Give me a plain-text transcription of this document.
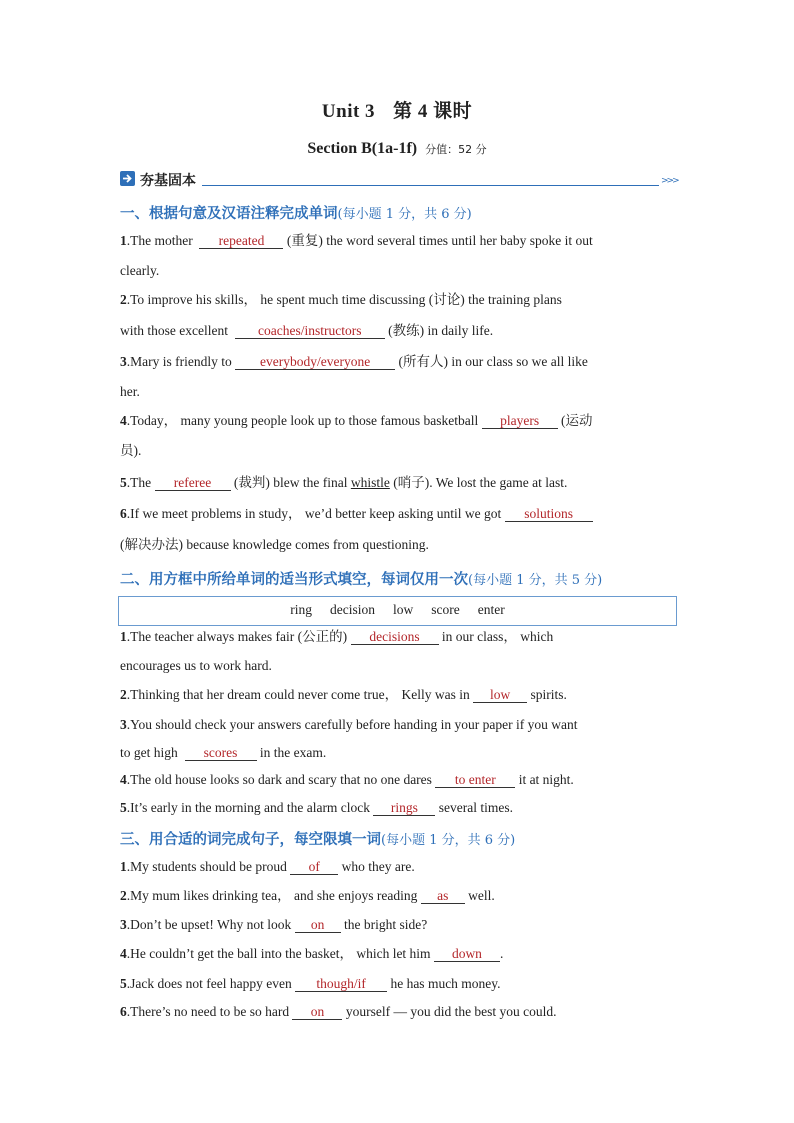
Unit 3 第 4 课时
Section B(1a-1f) 分值：52 分
夯基固本	>>>
一、根据句意及汉语注释完成单词(每小题 1 分，共 6 分)
1.The mother repeated (重复) the word several times until her baby spoke it out
clearly.
2.To improve his skills， he spent much time discussing (讨论) the training plans
with those excellent coaches/instructors (教练) in daily life.
3.Mary is friendly to everybody/everyone (所有人) in our class so we all like
her.
4.Today， many young people look up to those famous basketball players (运动
员).
5.The referee (裁判) blew the final whistle (哨子). We lost the game at last.
6.If we meet problems in study， we’d better keep asking until we got solutions
(解决办法) because knowledge comes from questioning.
二、用方框中所给单词的适当形式填空，每词仅用一次(每小题 1 分，共 5 分)
ring decision low score enter
1.The teacher always makes fair (公正的) decisions in our class， which
encourages us to work hard.
2.Thinking that her dream could never come true， Kelly was in low spirits.
3.You should check your answers carefully before handing in your paper if you want
to get high scores in the exam.
4.The old house looks so dark and scary that no one dares to enter it at night.
5.It’s early in the morning and the alarm clock rings several times.
三、用合适的词完成句子，每空限填一词(每小题 1 分，共 6 分)
1.My students should be proud of who they are.
2.My mum likes drinking tea， and she enjoys reading as well.
3.Don’t be upset! Why not look on the bright side?
4.He couldn’t get the ball into the basket， which let him down .
5.Jack does not feel happy even though/if he has much money.
6.There’s no need to be so hard on yourself — you did the best you could.
